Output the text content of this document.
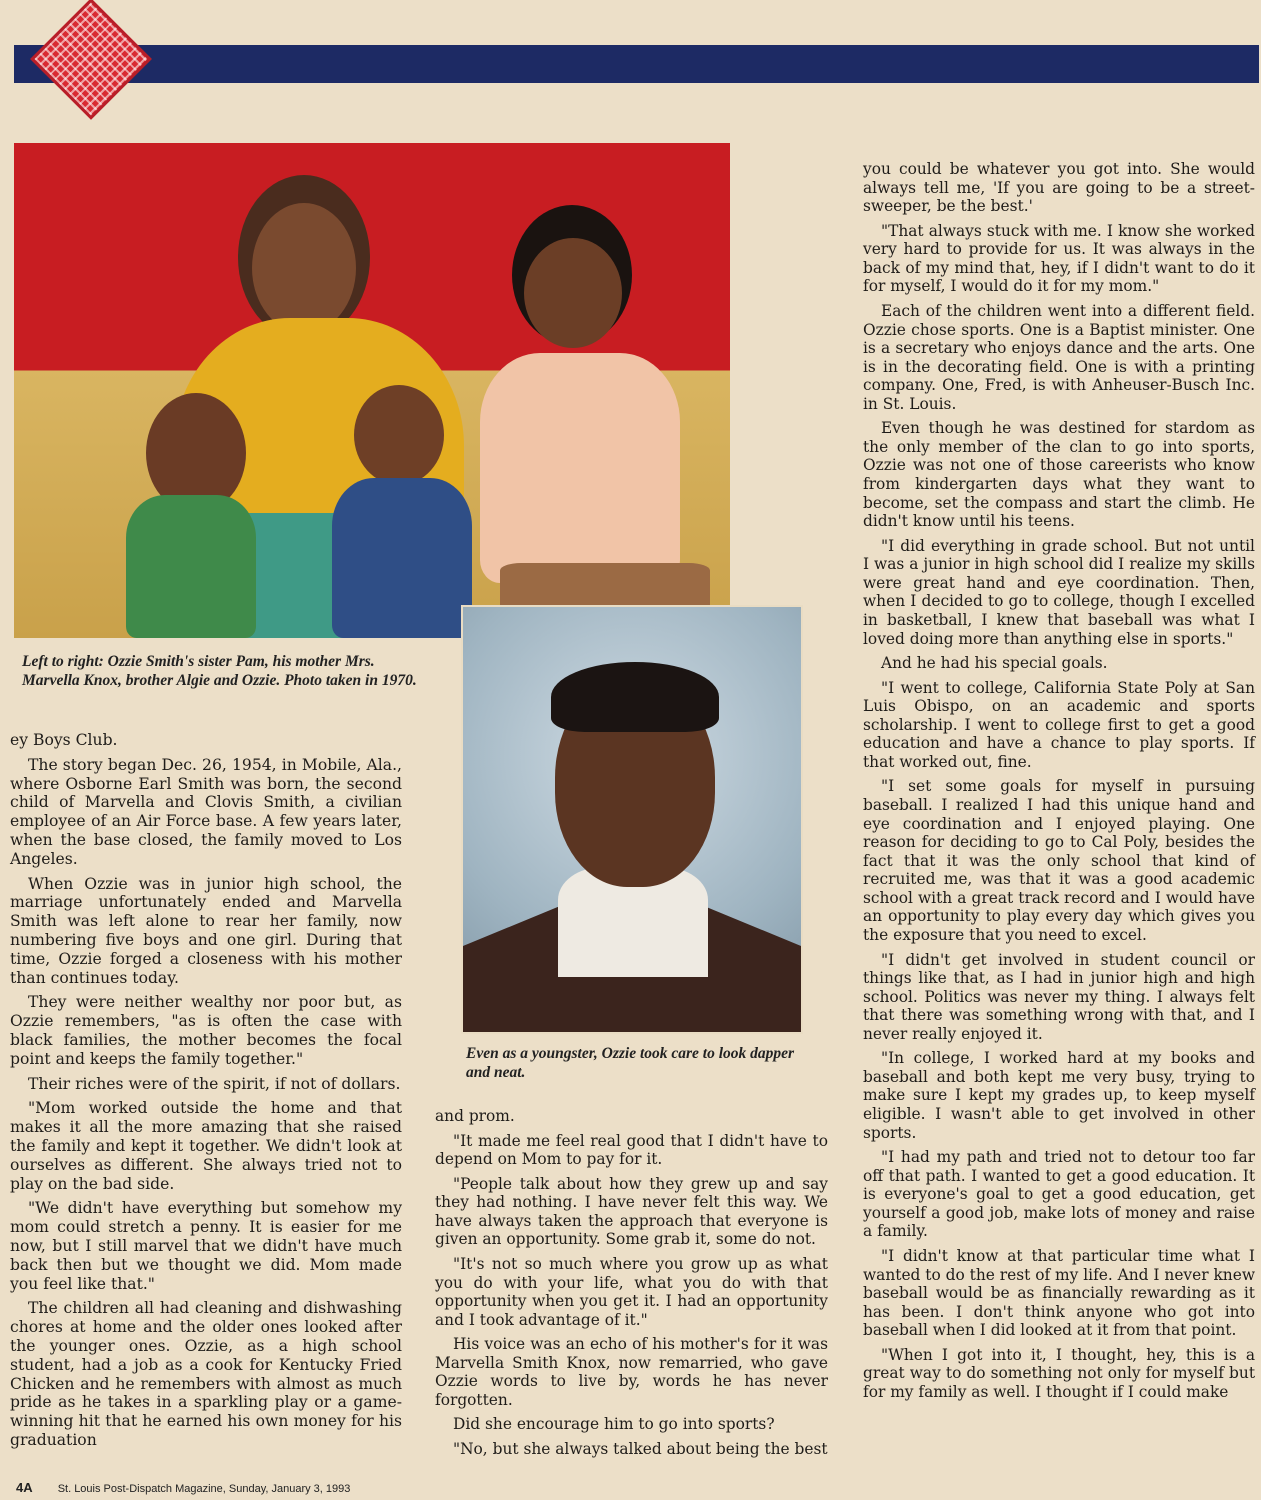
Left to right: Ozzie Smith's sister Pam, his mother Mrs. Marvella Knox, brother Algie and Ozzie. Photo taken in 1970.
Even as a youngster, Ozzie took care to look dapper and neat.

ey Boys Club.

The story began Dec. 26, 1954, in Mobile, Ala., where Osborne Earl Smith was born, the second child of Marvella and Clovis Smith, a civilian employee of an Air Force base. A few years later, when the base closed, the family moved to Los Angeles.

When Ozzie was in junior high school, the marriage unfortunately ended and Marvella Smith was left alone to rear her family, now numbering five boys and one girl. During that time, Ozzie forged a closeness with his mother than continues today.

They were neither wealthy nor poor but, as Ozzie remembers, "as is often the case with black families, the mother becomes the focal point and keeps the family together."

Their riches were of the spirit, if not of dollars.

"Mom worked outside the home and that makes it all the more amazing that she raised the family and kept it together. We didn't look at ourselves as different. She always tried not to play on the bad side.

"We didn't have everything but somehow my mom could stretch a penny. It is easier for me now, but I still marvel that we didn't have much back then but we thought we did. Mom made you feel like that."

The children all had cleaning and dishwashing chores at home and the older ones looked after the younger ones. Ozzie, as a high school student, had a job as a cook for Kentucky Fried Chicken and he remembers with almost as much pride as he takes in a sparkling play or a game-winning hit that he earned his own money for his graduation

and prom.

"It made me feel real good that I didn't have to depend on Mom to pay for it.

"People talk about how they grew up and say they had nothing. I have never felt this way. We have always taken the approach that everyone is given an opportunity. Some grab it, some do not.

"It's not so much where you grow up as what you do with your life, what you do with that opportunity when you get it. I had an opportunity and I took advantage of it."

His voice was an echo of his mother's for it was Marvella Smith Knox, now remarried, who gave Ozzie words to live by, words he has never forgotten.

Did she encourage him to go into sports?

"No, but she always talked about being the best

you could be whatever you got into. She would always tell me, 'If you are going to be a street-sweeper, be the best.'

"That always stuck with me. I know she worked very hard to provide for us. It was always in the back of my mind that, hey, if I didn't want to do it for myself, I would do it for my mom."

Each of the children went into a different field. Ozzie chose sports. One is a Baptist minister. One is a secretary who enjoys dance and the arts. One is in the decorating field. One is with a printing company. One, Fred, is with Anheuser-Busch Inc. in St. Louis.

Even though he was destined for stardom as the only member of the clan to go into sports, Ozzie was not one of those careerists who know from kindergarten days what they want to become, set the compass and start the climb. He didn't know until his teens.

"I did everything in grade school. But not until I was a junior in high school did I realize my skills were great hand and eye coordination. Then, when I decided to go to college, though I excelled in basketball, I knew that baseball was what I loved doing more than anything else in sports."

And he had his special goals.

"I went to college, California State Poly at San Luis Obispo, on an academic and sports scholarship. I went to college first to get a good education and have a chance to play sports. If that worked out, fine.

"I set some goals for myself in pursuing baseball. I realized I had this unique hand and eye coordination and I enjoyed playing. One reason for deciding to go to Cal Poly, besides the fact that it was the only school that kind of recruited me, was that it was a good academic school with a great track record and I would have an opportunity to play every day which gives you the exposure that you need to excel.

"I didn't get involved in student council or things like that, as I had in junior high and high school. Politics was never my thing. I always felt that there was something wrong with that, and I never really enjoyed it.

"In college, I worked hard at my books and baseball and both kept me very busy, trying to make sure I kept my grades up, to keep myself eligible. I wasn't able to get involved in other sports.

"I had my path and tried not to detour too far off that path. I wanted to get a good education. It is everyone's goal to get a good education, get yourself a good job, make lots of money and raise a family.

"I didn't know at that particular time what I wanted to do the rest of my life. And I never knew baseball would be as financially rewarding as it has been. I don't think anyone who got into baseball when I did looked at it from that point.

"When I got into it, I thought, hey, this is a great way to do something not only for myself but for my family as well. I thought if I could make

4A St. Louis Post-Dispatch Magazine, Sunday, January 3, 1993
